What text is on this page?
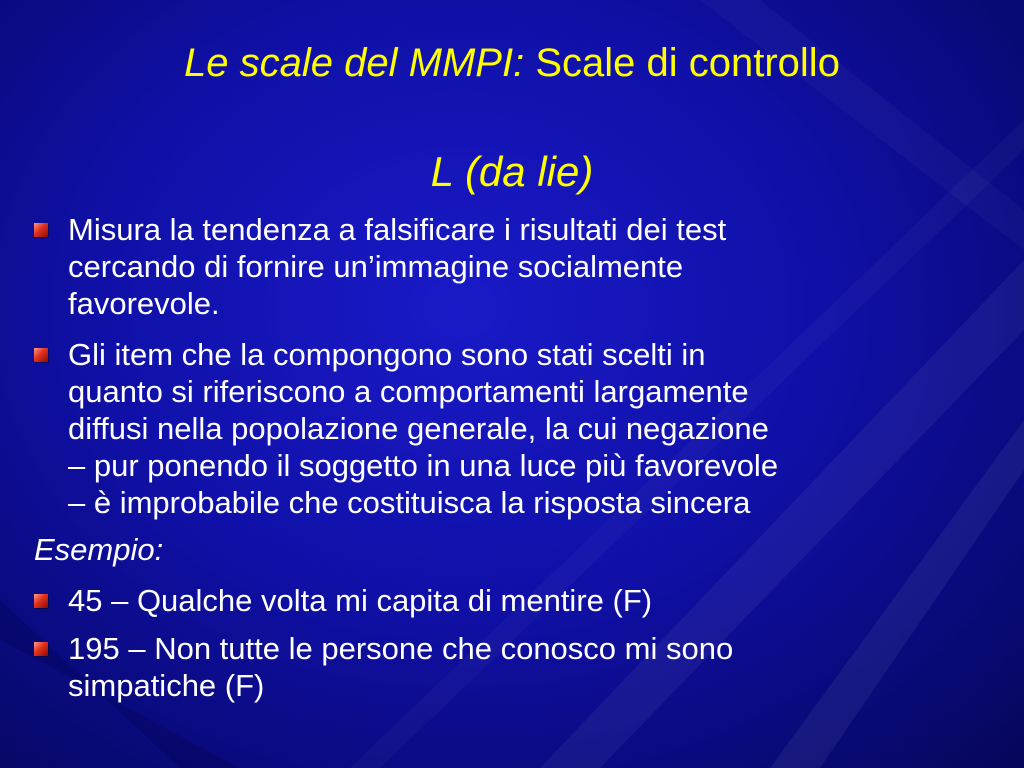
Le scale del MMPI: Scale di controllo
L (da lie)
Misura la tendenza a falsificare i risultati dei test
cercando di fornire un’immagine socialmente
favorevole.
Gli item che la compongono sono stati scelti in
quanto si riferiscono a comportamenti largamente
diffusi nella popolazione generale, la cui negazione
– pur ponendo il soggetto in una luce più favorevole
– è improbabile che costituisca la risposta sincera
Esempio:
45 – Qualche volta mi capita di mentire (F)
195 – Non tutte le persone che conosco mi sono
simpatiche (F)
